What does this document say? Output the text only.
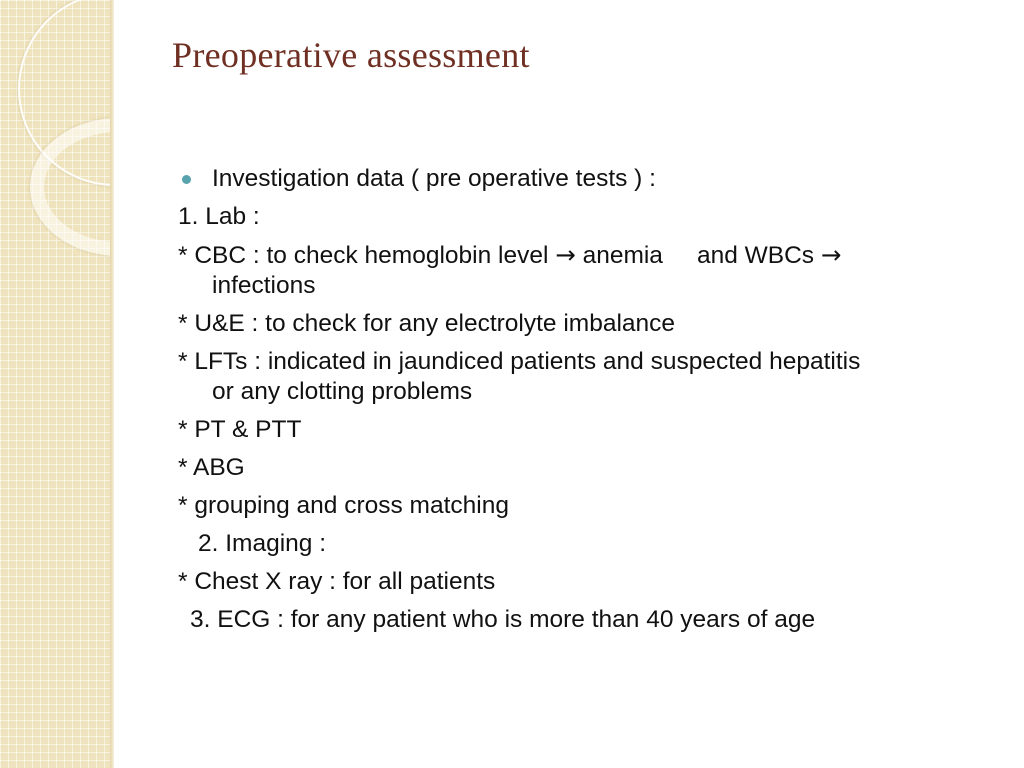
Preoperative assessment
Investigation data ( pre operative tests ) :
1. Lab :
* CBC : to check hemoglobin level → anemia     and WBCs →
infections
* U&E : to check for any electrolyte imbalance
* LFTs : indicated in jaundiced patients and suspected hepatitis
or any clotting problems
* PT & PTT
* ABG
* grouping and cross matching
2. Imaging :
* Chest X ray : for all patients
3. ECG : for any patient who is more than 40 years of age
